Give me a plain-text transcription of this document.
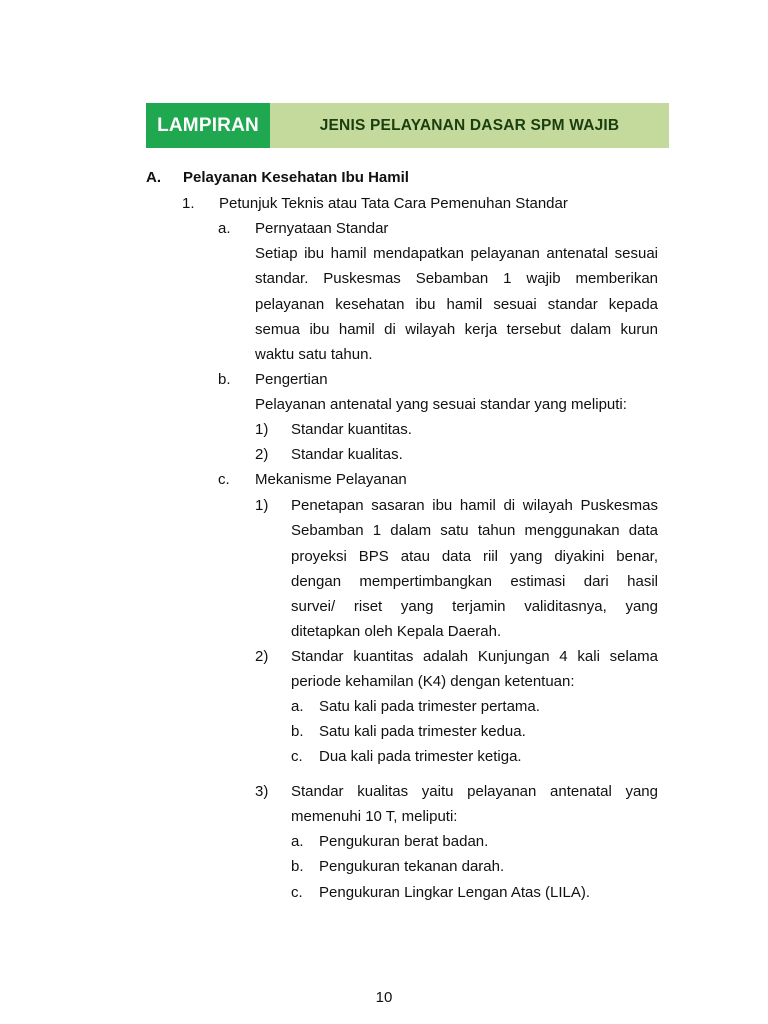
LAMPIRAN	JENIS PELAYANAN DASAR SPM WAJIB
A. Pelayanan Kesehatan Ibu Hamil
1. Petunjuk Teknis atau Tata Cara Pemenuhan Standar
a. Pernyataan Standar
Setiap ibu hamil mendapatkan pelayanan antenatal sesuai
standar. Puskesmas Sebamban 1 wajib memberikan
pelayanan kesehatan ibu hamil sesuai standar kepada
semua ibu hamil di wilayah kerja tersebut dalam kurun
waktu satu tahun.
b. Pengertian
Pelayanan antenatal yang sesuai standar yang meliputi:
1) Standar kuantitas.
2) Standar kualitas.
c. Mekanisme Pelayanan
1) Penetapan sasaran ibu hamil di wilayah Puskesmas
Sebamban 1 dalam satu tahun menggunakan data
proyeksi BPS atau data riil yang diyakini benar,
dengan mempertimbangkan estimasi dari hasil
survei/ riset yang terjamin validitasnya, yang
ditetapkan oleh Kepala Daerah.
2) Standar kuantitas adalah Kunjungan 4 kali selama
periode kehamilan (K4) dengan ketentuan:
a. Satu kali pada trimester pertama.
b. Satu kali pada trimester kedua.
c. Dua kali pada trimester ketiga.
3) Standar kualitas yaitu pelayanan antenatal yang
memenuhi 10 T, meliputi:
a. Pengukuran berat badan.
b. Pengukuran tekanan darah.
c. Pengukuran Lingkar Lengan Atas (LILA).
10
